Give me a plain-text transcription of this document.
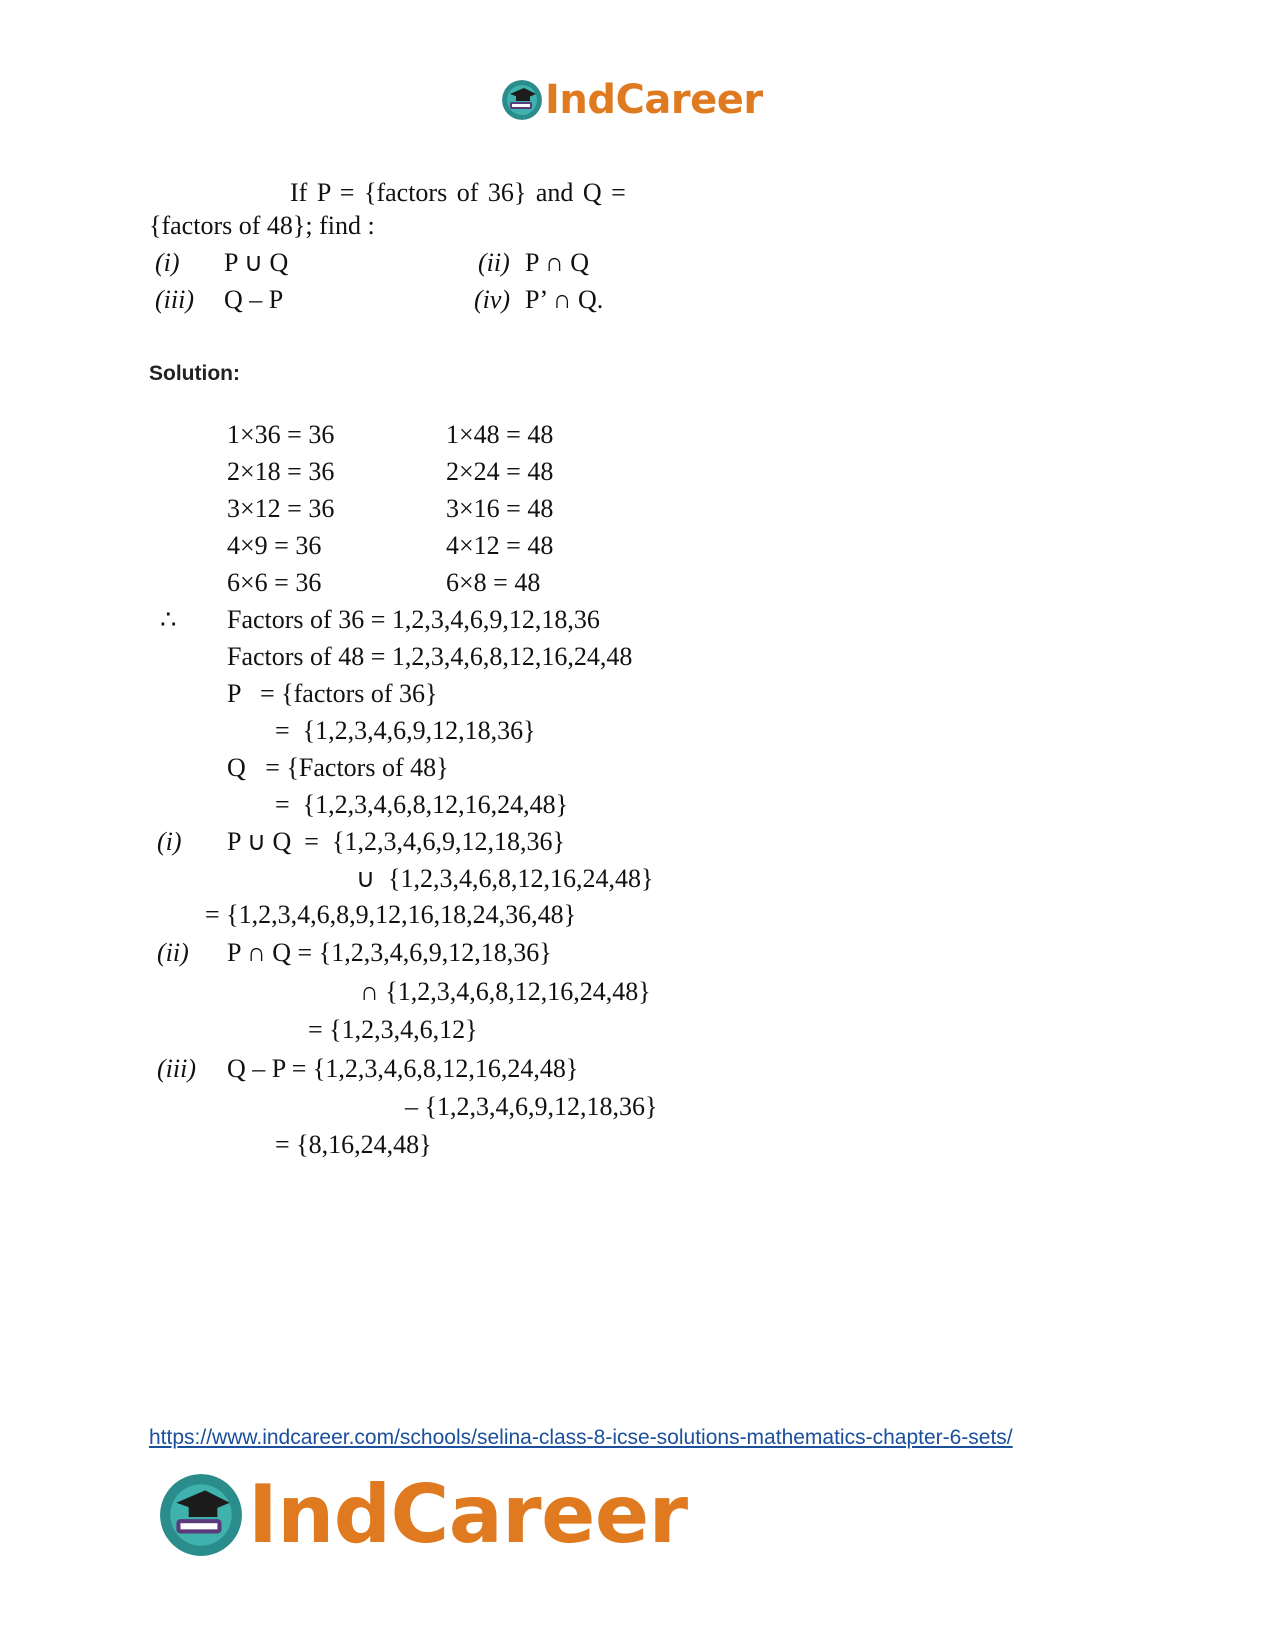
IndCareer
If P = {factors of 36} and Q =
{factors of 48}; find :
(i) P ∪ Q	(ii) P ∩ Q
(iii) Q – P	(iv) P’ ∩ Q.
Solution:
1×36 = 36	1×48 = 48
2×18 = 36	2×24 = 48
3×12 = 36	3×16 = 48
4×9 = 36	4×12 = 48
6×6 = 36	6×8 = 48
∴ Factors of 36 = 1,2,3,4,6,9,12,18,36
Factors of 48 = 1,2,3,4,6,8,12,16,24,48
P   = {factors of 36}
=  {1,2,3,4,6,9,12,18,36}
Q   = {Factors of 48}
=  {1,2,3,4,6,8,12,16,24,48}
(i) P ∪ Q  =  {1,2,3,4,6,9,12,18,36}
∪  {1,2,3,4,6,8,12,16,24,48}
= {1,2,3,4,6,8,9,12,16,18,24,36,48}
(ii) P ∩ Q = {1,2,3,4,6,9,12,18,36}
∩ {1,2,3,4,6,8,12,16,24,48}
= {1,2,3,4,6,12}
(iii) Q – P = {1,2,3,4,6,8,12,16,24,48}
– {1,2,3,4,6,9,12,18,36}
= {8,16,24,48}
https://www.indcareer.com/schools/selina-class-8-icse-solutions-mathematics-chapter-6-sets/
IndCareer
